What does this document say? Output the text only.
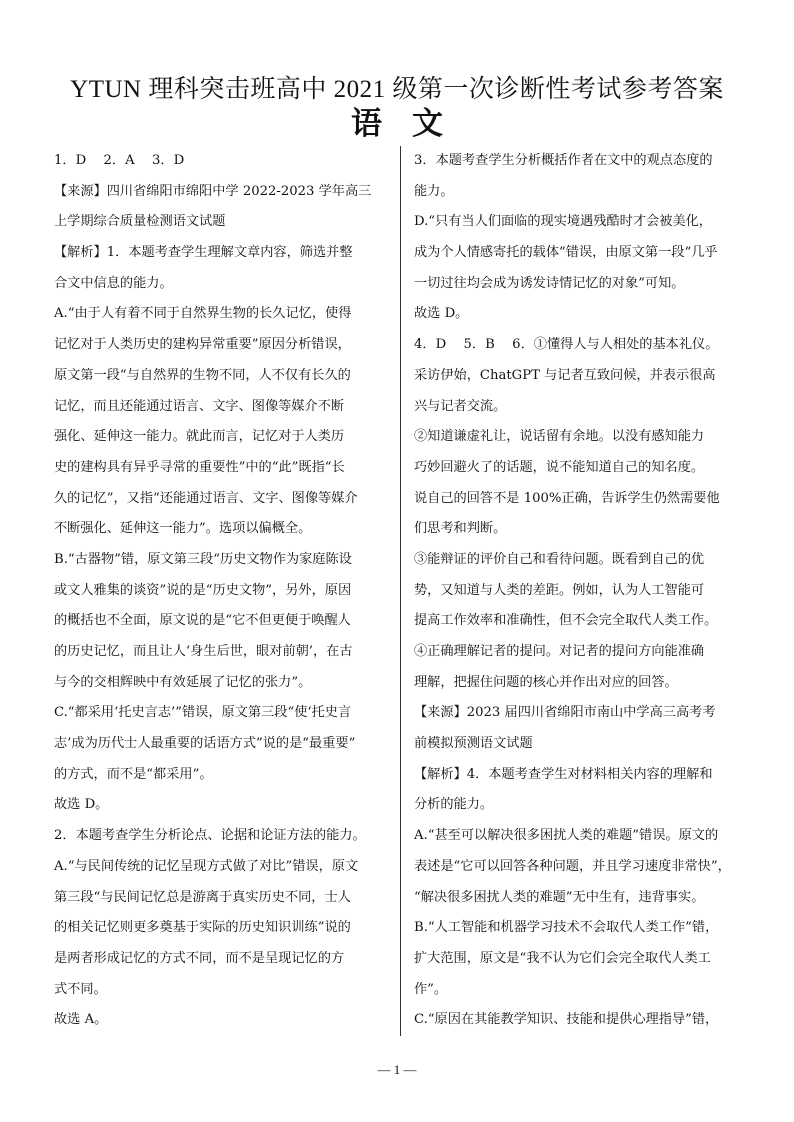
YTUN 理科突击班高中 2021 级第一次诊断性考试参考答案
语文
1．D　 2．A　 3．D
【来源】四川省绵阳市绵阳中学 2022-2023 学年高三
上学期综合质量检测语文试题
【解析】1．本题考查学生理解文章内容，筛选并整
合文中信息的能力。
A.“由于人有着不同于自然界生物的长久记忆，使得
记忆对于人类历史的建构异常重要”原因分析错误，
原文第一段“与自然界的生物不同，人不仅有长久的
记忆，而且还能通过语言、文字、图像等媒介不断
强化、延伸这一能力。就此而言，记忆对于人类历
史的建构具有异乎寻常的重要性”中的“此”既指“长
久的记忆”，又指“还能通过语言、文字、图像等媒介
不断强化、延伸这一能力”。选项以偏概全。
B.“古器物”错，原文第三段“历史文物作为家庭陈设
或文人雅集的谈资”说的是“历史文物”，另外，原因
的概括也不全面，原文说的是“它不但更便于唤醒人
的历史记忆，而且让人‘身生后世，眼对前朝’，在古
与今的交相辉映中有效延展了记忆的张力”。
C.“都采用‘托史言志’”错误，原文第三段“使‘托史言
志’成为历代士人最重要的话语方式”说的是“最重要”
的方式，而不是“都采用”。
故选 D。
2．本题考查学生分析论点、论据和论证方法的能力。
A.“与民间传统的记忆呈现方式做了对比”错误，原文
第三段“与民间记忆总是游离于真实历史不同，士人
的相关记忆则更多奠基于实际的历史知识训练”说的
是两者形成记忆的方式不同，而不是呈现记忆的方
式不同。
故选 A。
3．本题考查学生分析概括作者在文中的观点态度的
能力。
D.“只有当人们面临的现实境遇残酷时才会被美化，
成为个人情感寄托的载体”错误，由原文第一段“几乎
一切过往均会成为诱发诗情记忆的对象”可知。
故选 D。
4．D　 5．B　 6．①懂得人与人相处的基本礼仪。
采访伊始，ChatGPT 与记者互致问候，并表示很高
兴与记者交流。
②知道谦虚礼让，说话留有余地。以没有感知能力
巧妙回避火了的话题，说不能知道自己的知名度。
说自己的回答不是 100%正确，告诉学生仍然需要他
们思考和判断。
③能辩证的评价自己和看待问题。既看到自己的优
势，又知道与人类的差距。例如，认为人工智能可
提高工作效率和准确性，但不会完全取代人类工作。
④正确理解记者的提问。对记者的提问方向能准确
理解，把握住问题的核心并作出对应的回答。
【来源】2023 届四川省绵阳市南山中学高三高考考
前模拟预测语文试题
【解析】4．本题考查学生对材料相关内容的理解和
分析的能力。
A.“甚至可以解决很多困扰人类的难题”错误。原文的
表述是“它可以回答各种问题，并且学习速度非常快”，
“解决很多困扰人类的难题”无中生有，违背事实。
B.“人工智能和机器学习技术不会取代人类工作”错，
扩大范围，原文是“我不认为它们会完全取代人类工
作”。
C.“原因在其能教学知识、技能和提供心理指导”错，
— 1 —
